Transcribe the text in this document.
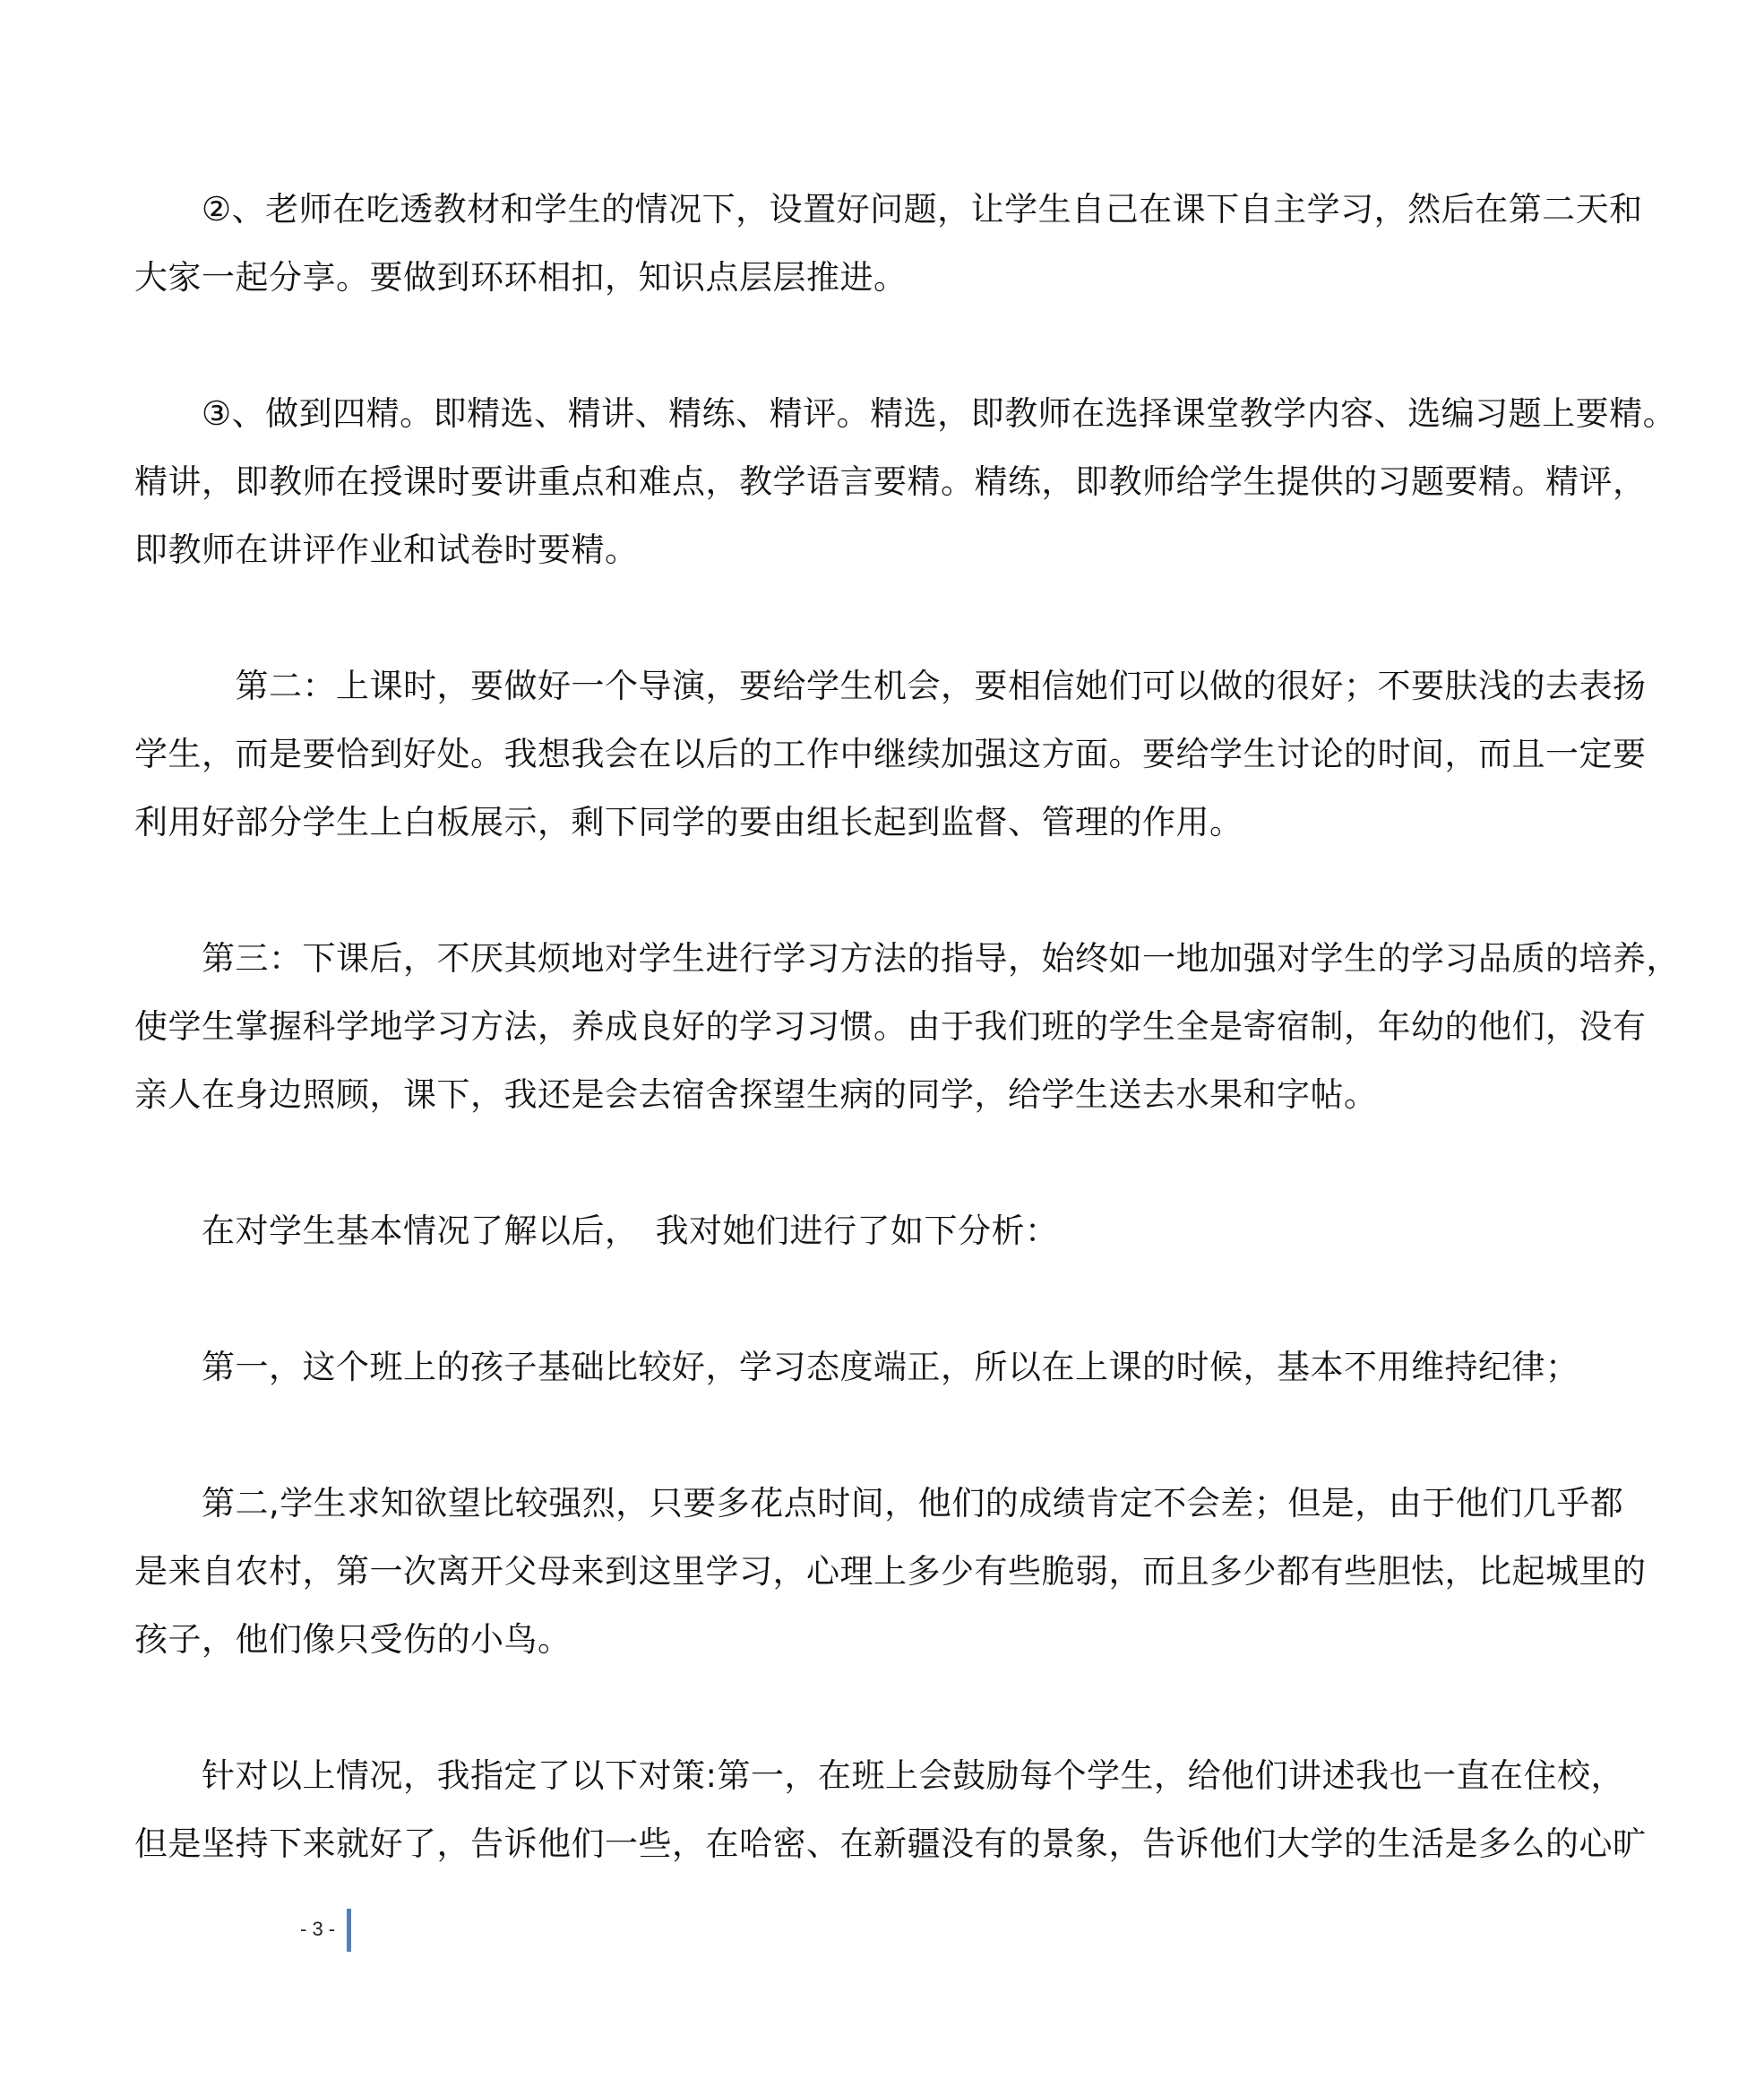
　　②、老师在吃透教材和学生的情况下，设置好问题，让学生自己在课下自主学习，然后在第二天和
大家一起分享。要做到环环相扣，知识点层层推进。
　　③、做到四精。即精选、精讲、精练、精评。精选，即教师在选择课堂教学内容、选编习题上要精。
精讲，即教师在授课时要讲重点和难点，教学语言要精。精练，即教师给学生提供的习题要精。精评，
即教师在讲评作业和试卷时要精。
　　　第二：上课时，要做好一个导演，要给学生机会，要相信她们可以做的很好；不要肤浅的去表扬
学生，而是要恰到好处。我想我会在以后的工作中继续加强这方面。要给学生讨论的时间，而且一定要
利用好部分学生上白板展示，剩下同学的要由组长起到监督、管理的作用。
　　第三：下课后，不厌其烦地对学生进行学习方法的指导，始终如一地加强对学生的学习品质的培养，
使学生掌握科学地学习方法，养成良好的学习习惯。由于我们班的学生全是寄宿制，年幼的他们，没有
亲人在身边照顾，课下，我还是会去宿舍探望生病的同学，给学生送去水果和字帖。
　　在对学生基本情况了解以后，　我对她们进行了如下分析：
　　第一，这个班上的孩子基础比较好，学习态度端正，所以在上课的时候，基本不用维持纪律；
　　第二,学生求知欲望比较强烈，只要多花点时间，他们的成绩肯定不会差；但是，由于他们几乎都
是来自农村，第一次离开父母来到这里学习，心理上多少有些脆弱，而且多少都有些胆怯，比起城里的
孩子，他们像只受伤的小鸟。
　　针对以上情况，我指定了以下对策:第一，在班上会鼓励每个学生，给他们讲述我也一直在住校，
但是坚持下来就好了，告诉他们一些，在哈密、在新疆没有的景象，告诉他们大学的生活是多么的心旷
- 3 -
